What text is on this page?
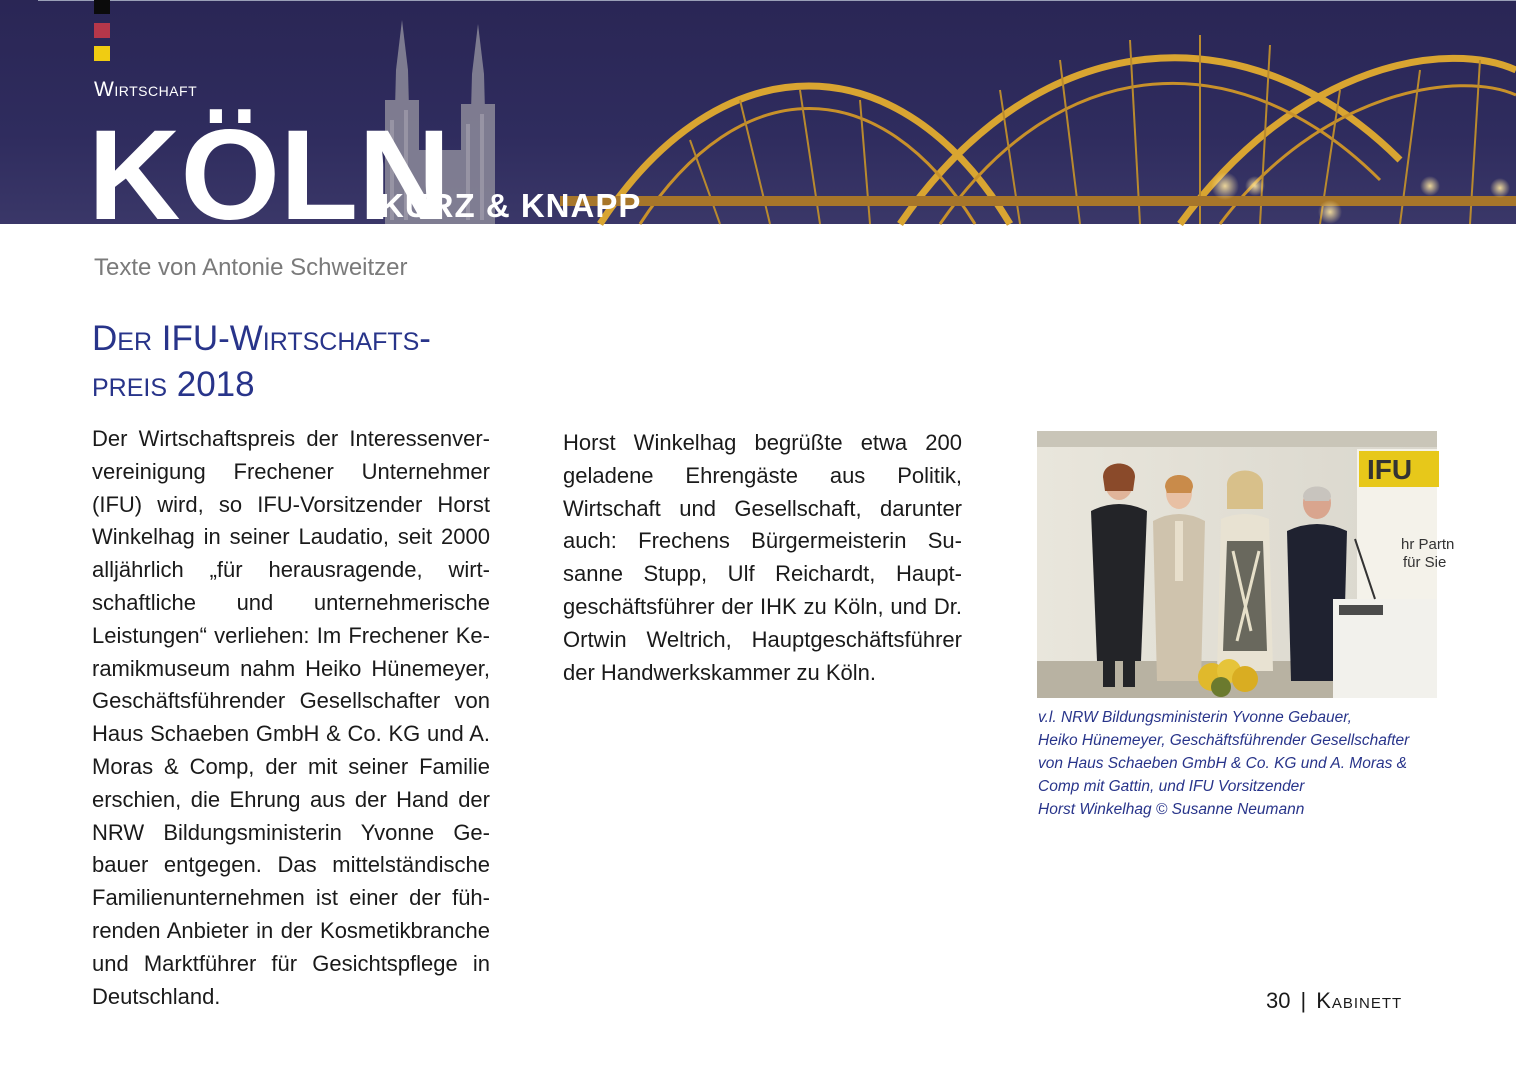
Wirtschaft
KÖLN
KURZ & KNAPP
Texte von Antonie Schweitzer
Der IFU-Wirtschafts-
preis 2018
Der Wirtschaftspreis der Interessenververeinigung Frechener Unternehmer (IFU) wird, so IFU-Vorsitzender Horst Winkelhag in seiner Laudatio, seit 2000 alljährlich „für herausragende, wirtschaftliche und unternehmerische Leistungen“ verliehen: Im Frechener Keramikmuseum nahm Heiko Hünemeyer, Geschäftsführender Gesellschafter von Haus Schaeben GmbH & Co. KG und A. Moras & Comp, der mit seiner Familie erschien, die Ehrung aus der Hand der NRW Bildungsministerin Yvonne Gebauer entgegen. Das mittelständische Familienunternehmen ist einer der führenden Anbieter in der Kosmetikbranche und Marktführer für Gesichtspflege in Deutschland.
Horst Winkelhag begrüßte etwa 200 geladene Ehrengäste aus Politik, Wirtschaft und Gesellschaft, darunter auch: Frechens Bürgermeisterin Susanne Stupp, Ulf Reichardt, Hauptgeschäftsführer der IHK zu Köln, und Dr. Ortwin Weltrich, Hauptgeschäftsführer der Handwerkskammer zu Köln.
IFU
hr Partn
für Sie
v.l. NRW Bildungsministerin Yvonne Gebauer,
Heiko Hünemeyer, Geschäftsführender Gesellschafter
von Haus Schaeben GmbH & Co. KG und A. Moras &
Comp mit Gattin, und IFU Vorsitzender
Horst Winkelhag © Susanne Neumann
30 | Kabinett
